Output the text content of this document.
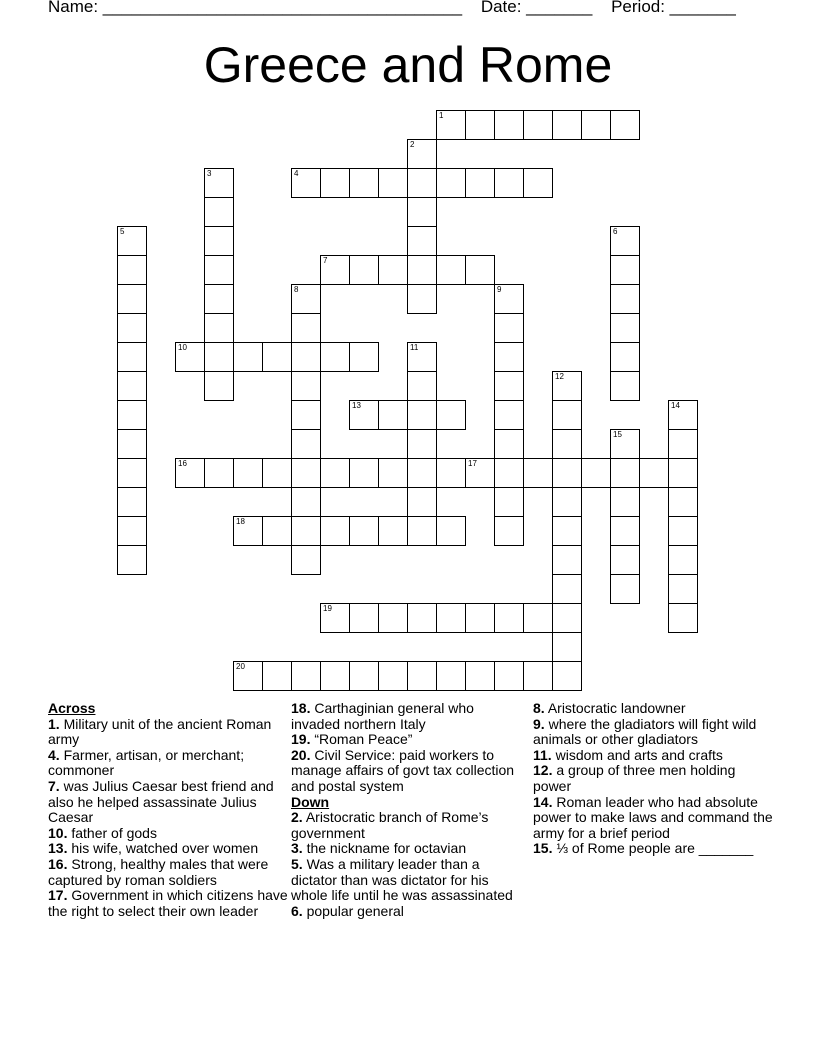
Name: ______________________________________ Date: _______ Period: _______
Greece and Rome
1
2
3	4
5	6
7
8	9
10	11
12
13	14
15
16	17
18
19
20
Across
1. Military unit of the ancient Roman army
4. Farmer, artisan, or merchant; commoner
7. was Julius Caesar best friend and also he helped assassinate Julius Caesar
10. father of gods
13. his wife, watched over women
16. Strong, healthy males that were captured by roman soldiers
17. Government in which citizens have the right to select their own leader
18. Carthaginian general who invaded northern Italy
19. “Roman Peace”
20. Civil Service: paid workers to manage affairs of govt tax collection and postal system
Down
2. Aristocratic branch of Rome’s government
3. the nickname for octavian
5. Was a military leader than a dictator than was dictator for his whole life until he was assassinated
6. popular general
8. Aristocratic landowner
9. where the gladiators will fight wild animals or other gladiators
11. wisdom and arts and crafts
12. a group of three men holding power
14. Roman leader who had absolute power to make laws and command the army for a brief period
15. ⅓ of Rome people are _______
